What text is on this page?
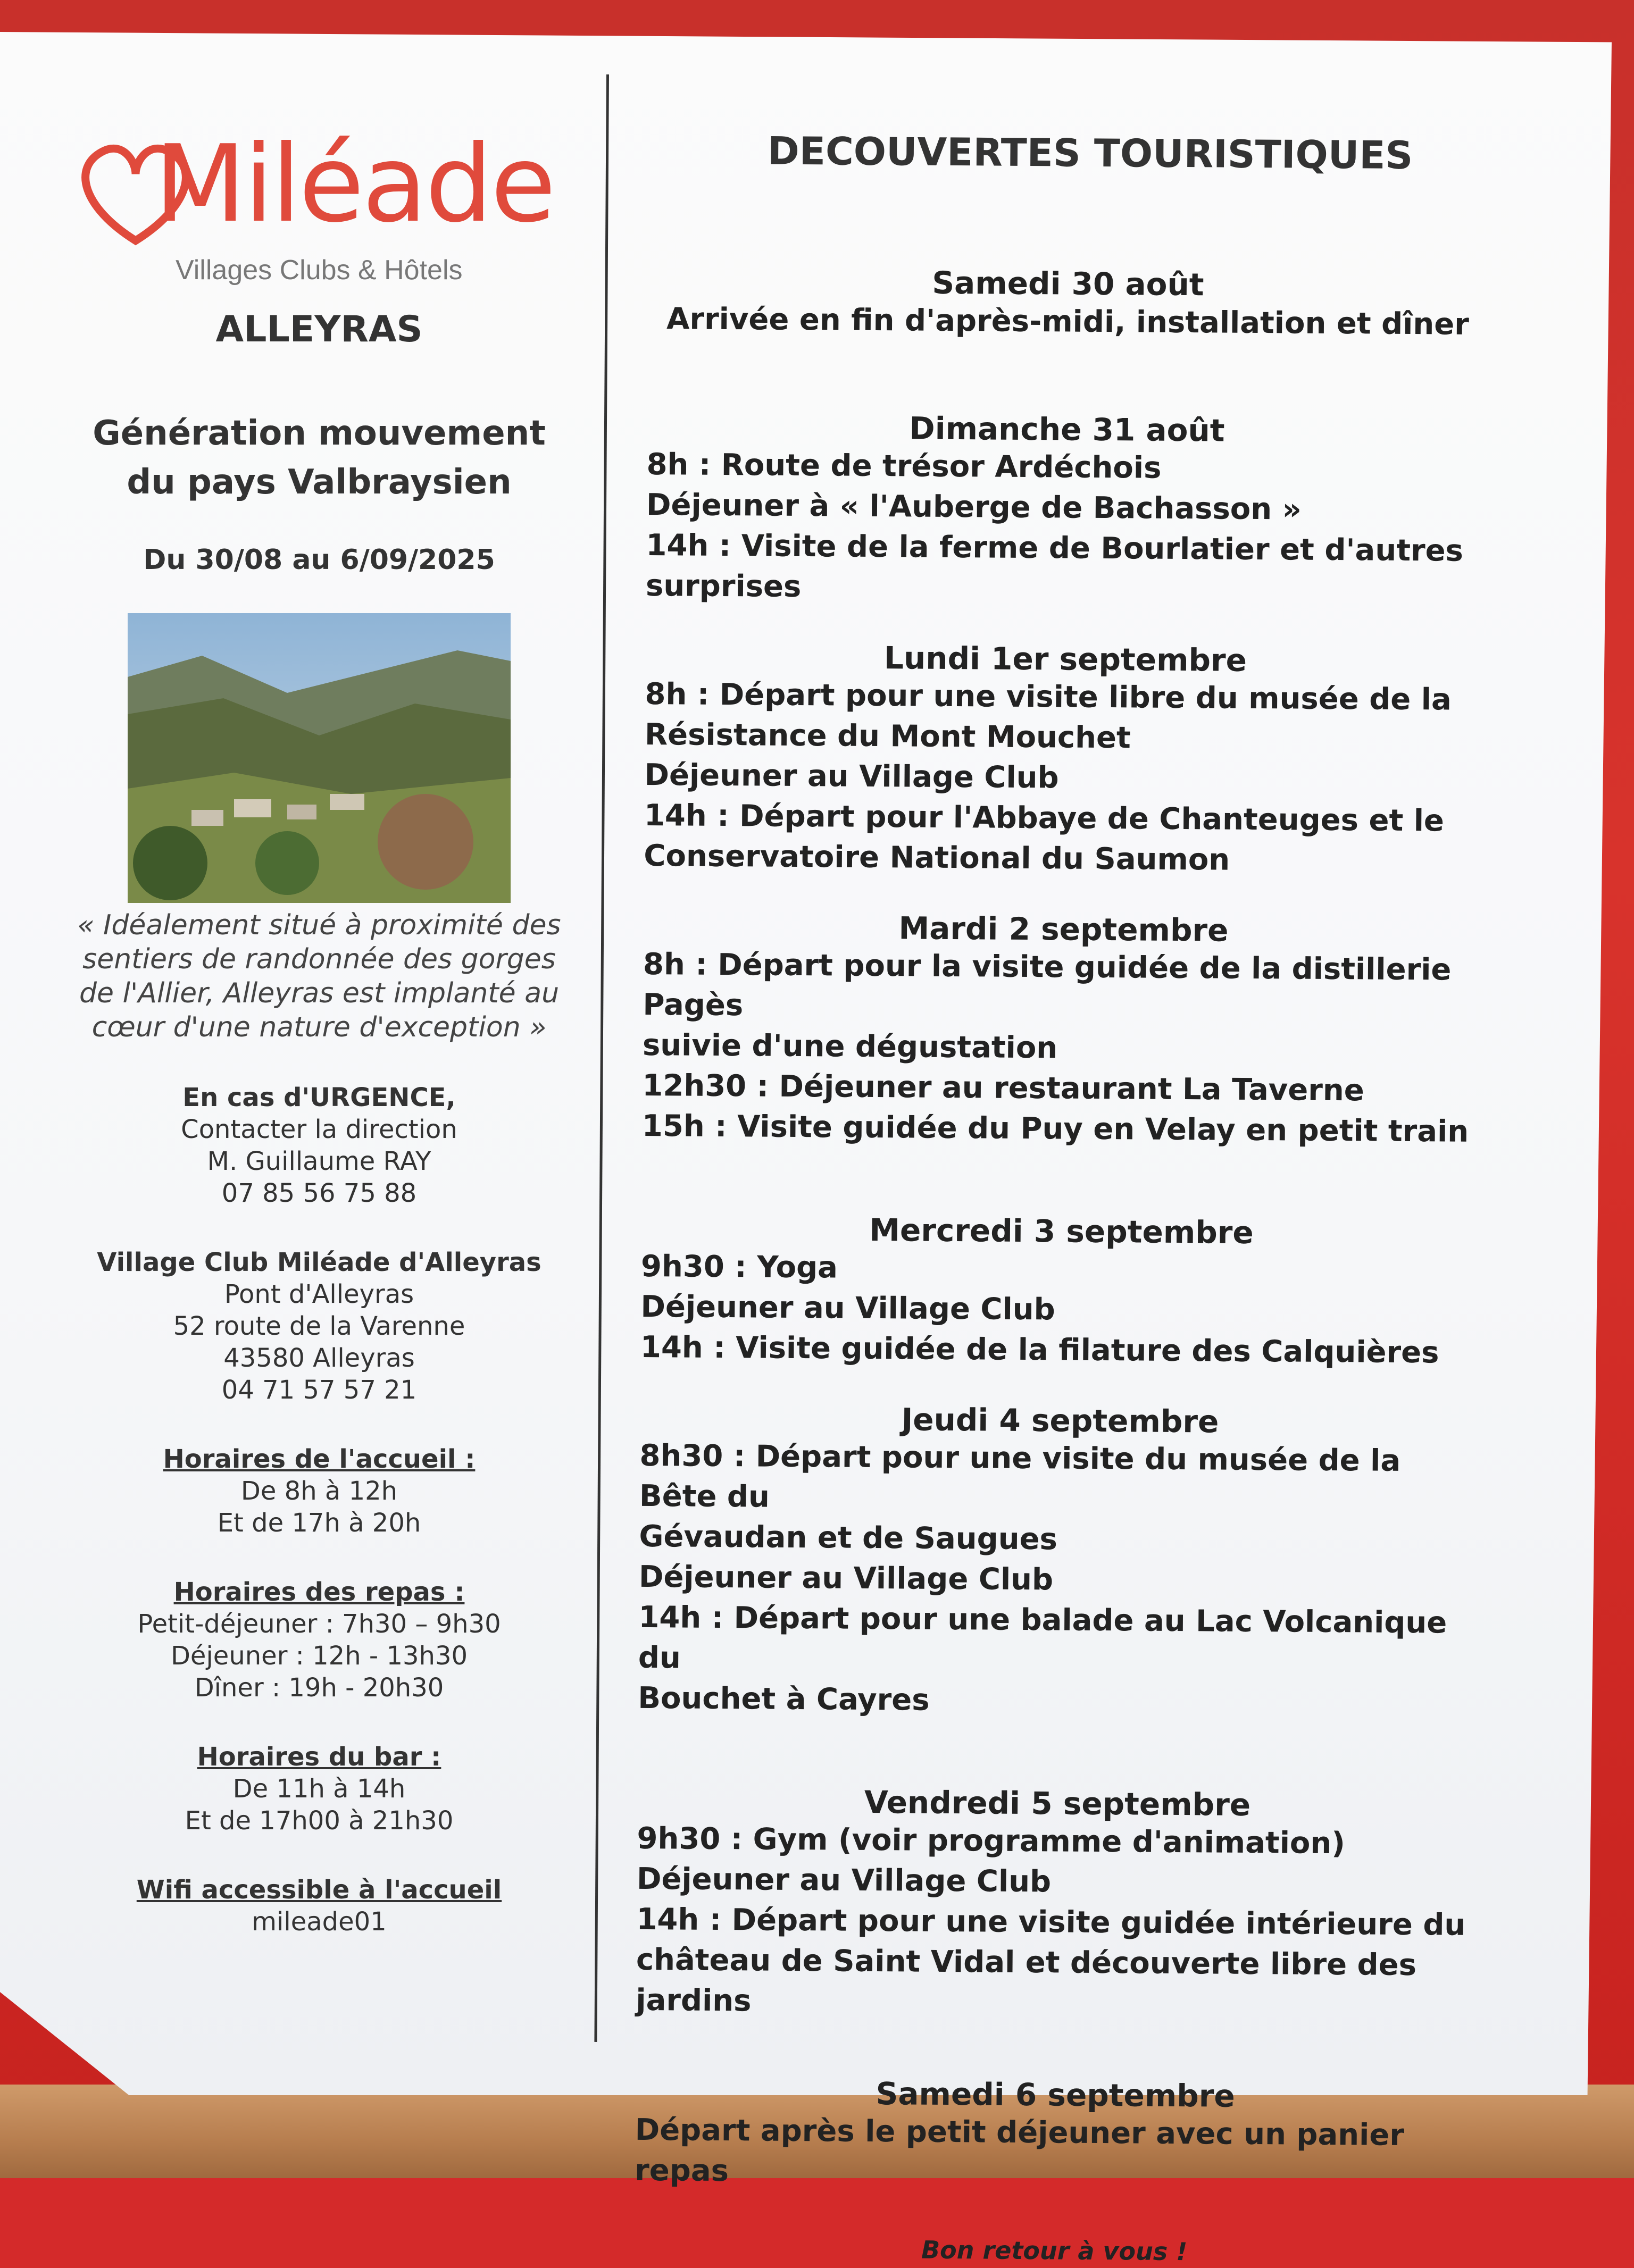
Miléade
Villages Clubs & Hôtels
ALLEYRAS
Génération mouvement du pays Valbraysien
Du 30/08 au 6/09/2025
« Idéalement situé à proximité des sentiers de randonnée des gorges de l'Allier, Alleyras est implanté au cœur d'une nature d'exception »
En cas d'URGENCE,
Contacter la direction
M. Guillaume RAY
07 85 56 75 88
Village Club Miléade d'Alleyras
Pont d'Alleyras
52 route de la Varenne
43580 Alleyras
04 71 57 57 21
Horaires de l'accueil :
De 8h à 12h
Et de 17h à 20h
Horaires des repas :
Petit-déjeuner : 7h30 – 9h30
Déjeuner : 12h - 13h30
Dîner : 19h - 20h30
Horaires du bar :
De 11h à 14h
Et de 17h00 à 21h30
Wifi accessible à l'accueil
mileade01
DECOUVERTES TOURISTIQUES
Samedi 30 août
Arrivée en fin d'après-midi, installation et dîner
Dimanche 31 août
8h : Route de trésor Ardéchois
Déjeuner à « l'Auberge de Bachasson »
14h : Visite de la ferme de Bourlatier et d'autres
surprises
Lundi 1er septembre
8h : Départ pour une visite libre du musée de la
Résistance du Mont Mouchet
Déjeuner au Village Club
14h : Départ pour l'Abbaye de Chanteuges et le
Conservatoire National du Saumon
Mardi 2 septembre
8h : Départ pour la visite guidée de la distillerie Pagès
suivie d'une dégustation
12h30 : Déjeuner au restaurant La Taverne
15h : Visite guidée du Puy en Velay en petit train
Mercredi 3 septembre
9h30 : Yoga
Déjeuner au Village Club
14h : Visite guidée de la filature des Calquières
Jeudi 4 septembre
8h30 : Départ pour une visite du musée de la Bête du
Gévaudan et de Saugues
Déjeuner au Village Club
14h : Départ pour une balade au Lac Volcanique du
Bouchet à Cayres
Vendredi 5 septembre
9h30 : Gym (voir programme d'animation)
Déjeuner au Village Club
14h : Départ pour une visite guidée intérieure du
château de Saint Vidal et découverte libre des jardins
Samedi 6 septembre
Départ après le petit déjeuner avec un panier repas
Bon retour à vous !
